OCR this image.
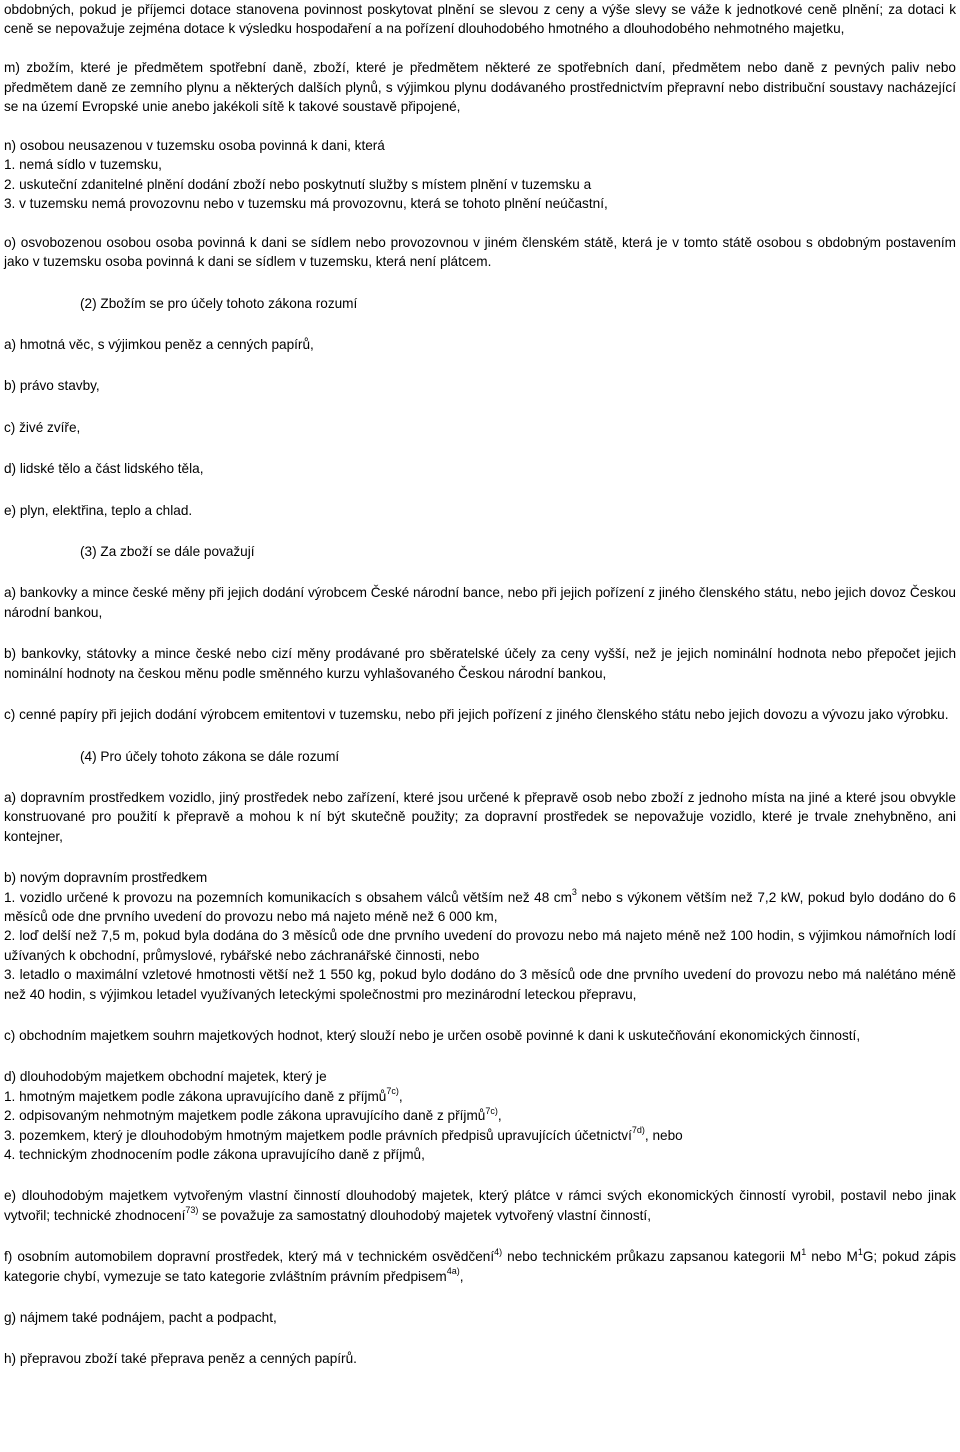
obdobných, pokud je příjemci dotace stanovena povinnost poskytovat plnění se slevou z ceny a výše slevy se váže k jednotkové ceně plnění; za dotaci k ceně se nepovažuje zejména dotace k výsledku hospodaření a na pořízení dlouhodobého hmotného a dlouhodobého nehmotného majetku,

m) zbožím, které je předmětem spotřební daně, zboží, které je předmětem některé ze spotřebních daní, předmětem nebo daně z pevných paliv nebo předmětem daně ze zemního plynu a některých dalších plynů, s výjimkou plynu dodávaného prostřednictvím přepravní nebo distribuční soustavy nacházející se na území Evropské unie anebo jakékoli sítě k takové soustavě připojené,

n) osobou neusazenou v tuzemsku osoba povinná k dani, která
1. nemá sídlo v tuzemsku,
2. uskuteční zdanitelné plnění dodání zboží nebo poskytnutí služby s místem plnění v tuzemsku a
3. v tuzemsku nemá provozovnu nebo v tuzemsku má provozovnu, která se tohoto plnění neúčastní,

o) osvobozenou osobou osoba povinná k dani se sídlem nebo provozovnou v jiném členském státě, která je v tomto státě osobou s obdobným postavením jako v tuzemsku osoba povinná k dani se sídlem v tuzemsku, která není plátcem.

(2) Zbožím se pro účely tohoto zákona rozumí

a) hmotná věc, s výjimkou peněz a cenných papírů,

b) právo stavby,

c) živé zvíře,

d) lidské tělo a část lidského těla,

e) plyn, elektřina, teplo a chlad.

(3) Za zboží se dále považují

a) bankovky a mince české měny při jejich dodání výrobcem České národní bance, nebo při jejich pořízení z jiného členského státu, nebo jejich dovoz Českou národní bankou,

b) bankovky, státovky a mince české nebo cizí měny prodávané pro sběratelské účely za ceny vyšší, než je jejich nominální hodnota nebo přepočet jejich nominální hodnoty na českou měnu podle směnného kurzu vyhlašovaného Českou národní bankou,

c) cenné papíry při jejich dodání výrobcem emitentovi v tuzemsku, nebo při jejich pořízení z jiného členského státu nebo jejich dovozu a vývozu jako výrobku.

(4) Pro účely tohoto zákona se dále rozumí

a) dopravním prostředkem vozidlo, jiný prostředek nebo zařízení, které jsou určené k přepravě osob nebo zboží z jednoho místa na jiné a které jsou obvykle konstruované pro použití k přepravě a mohou k ní být skutečně použity; za dopravní prostředek se nepovažuje vozidlo, které je trvale znehybněno, ani kontejner,

b) novým dopravním prostředkem

1. vozidlo určené k provozu na pozemních komunikacích s obsahem válců větším než 48 $cm^3$ nebo s výkonem větším než 7,2 kW, pokud bylo dodáno do 6 měsíců ode dne prvního uvedení do provozu nebo má najeto méně než 6 000 km,

2. loď delší než 7,5 m, pokud byla dodána do 3 měsíců ode dne prvního uvedení do provozu nebo má najeto méně než 100 hodin, s výjimkou námořních lodí užívaných k obchodní, průmyslové, rybářské nebo záchranářské činnosti, nebo

3. letadlo o maximální vzletové hmotnosti větší než 1 550 kg, pokud bylo dodáno do 3 měsíců ode dne prvního uvedení do provozu nebo má nalétáno méně než 40 hodin, s výjimkou letadel využívaných leteckými společnostmi pro mezinárodní leteckou přepravu,

c) obchodním majetkem souhrn majetkových hodnot, který slouží nebo je určen osobě povinné k dani k uskutečňování ekonomických činností,

d) dlouhodobým majetkem obchodní majetek, který je
1. hmotným majetkem podle zákona upravujícího daně z příjmů$^{7c)}$,
2. odpisovaným nehmotným majetkem podle zákona upravujícího daně z příjmů$^{7c)}$,
3. pozemkem, který je dlouhodobým hmotným majetkem podle právních předpisů upravujících účetnictví$^{7d)}$, nebo
4. technickým zhodnocením podle zákona upravujícího daně z příjmů,

e) dlouhodobým majetkem vytvořeným vlastní činností dlouhodobý majetek, který plátce v rámci svých ekonomických činností vyrobil, postavil nebo jinak vytvořil; technické zhodnocení$^{73)}$ se považuje za samostatný dlouhodobý majetek vytvořený vlastní činností,

f) osobním automobilem dopravní prostředek, který má v technickém osvědčení$^{4)}$ nebo technickém průkazu zapsanou kategorii $M^1$ nebo $M^1G$; pokud zápis kategorie chybí, vymezuje se tato kategorie zvláštním právním předpisem$^{4a)}$,

g) nájmem také podnájem, pacht a podpacht,

h) přepravou zboží také přeprava peněz a cenných papírů.
